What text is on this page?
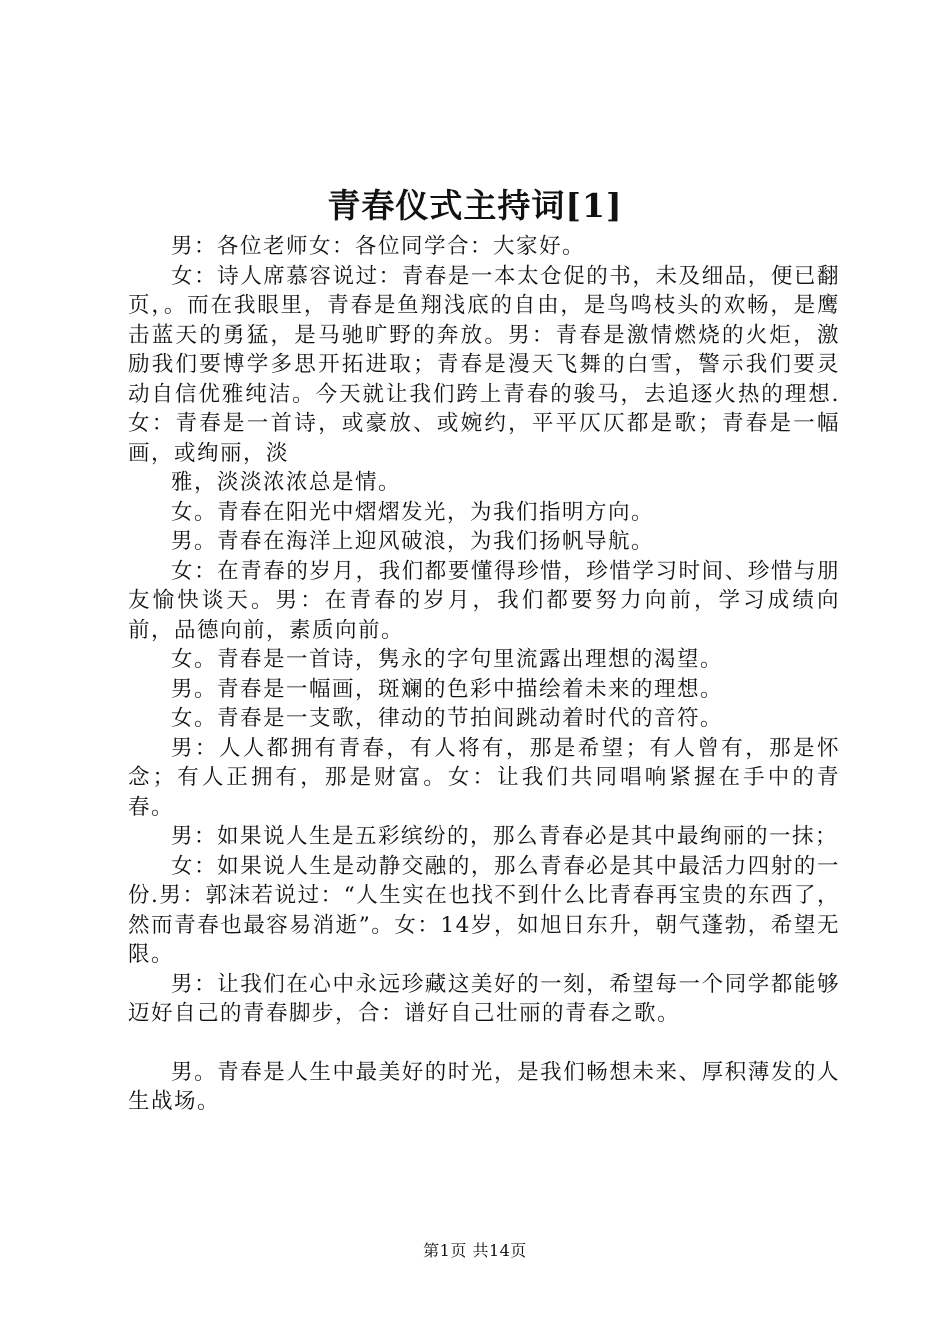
青春仪式主持词[1]

男：各位老师女：各位同学合：大家好。

女：诗人席慕容说过：青春是一本太仓促的书，未及细品，便已翻页，。而在我眼里，青春是鱼翔浅底的自由，是鸟鸣枝头的欢畅，是鹰击蓝天的勇猛，是马驰旷野的奔放。男：青春是激情燃烧的火炬，激励我们要博学多思开拓进取；青春是漫天飞舞的白雪，警示我们要灵动自信优雅纯洁。今天就让我们跨上青春的骏马，去追逐火热的理想.女：青春是一首诗，或豪放、或婉约，平平仄仄都是歌；青春是一幅画，或绚丽，淡

雅，淡淡浓浓总是情。

女。青春在阳光中熠熠发光，为我们指明方向。

男。青春在海洋上迎风破浪，为我们扬帆导航。

女：在青春的岁月，我们都要懂得珍惜，珍惜学习时间、珍惜与朋友愉快谈天。男：在青春的岁月，我们都要努力向前，学习成绩向前，品德向前，素质向前。

女。青春是一首诗，隽永的字句里流露出理想的渴望。

男。青春是一幅画，斑斓的色彩中描绘着未来的理想。

女。青春是一支歌，律动的节拍间跳动着时代的音符。

男：人人都拥有青春，有人将有，那是希望；有人曾有，那是怀念；有人正拥有，那是财富。女：让我们共同唱响紧握在手中的青春。

男：如果说人生是五彩缤纷的，那么青春必是其中最绚丽的一抹；

女：如果说人生是动静交融的，那么青春必是其中最活力四射的一份.男：郭沫若说过：“人生实在也找不到什么比青春再宝贵的东西了，然而青春也最容易消逝”。女：14岁，如旭日东升，朝气蓬勃，希望无限。

男：让我们在心中永远珍藏这美好的一刻，希望每一个同学都能够迈好自己的青春脚步，合：谱好自己壮丽的青春之歌。

男。青春是人生中最美好的时光，是我们畅想未来、厚积薄发的人生战场。

第1页 共14页
